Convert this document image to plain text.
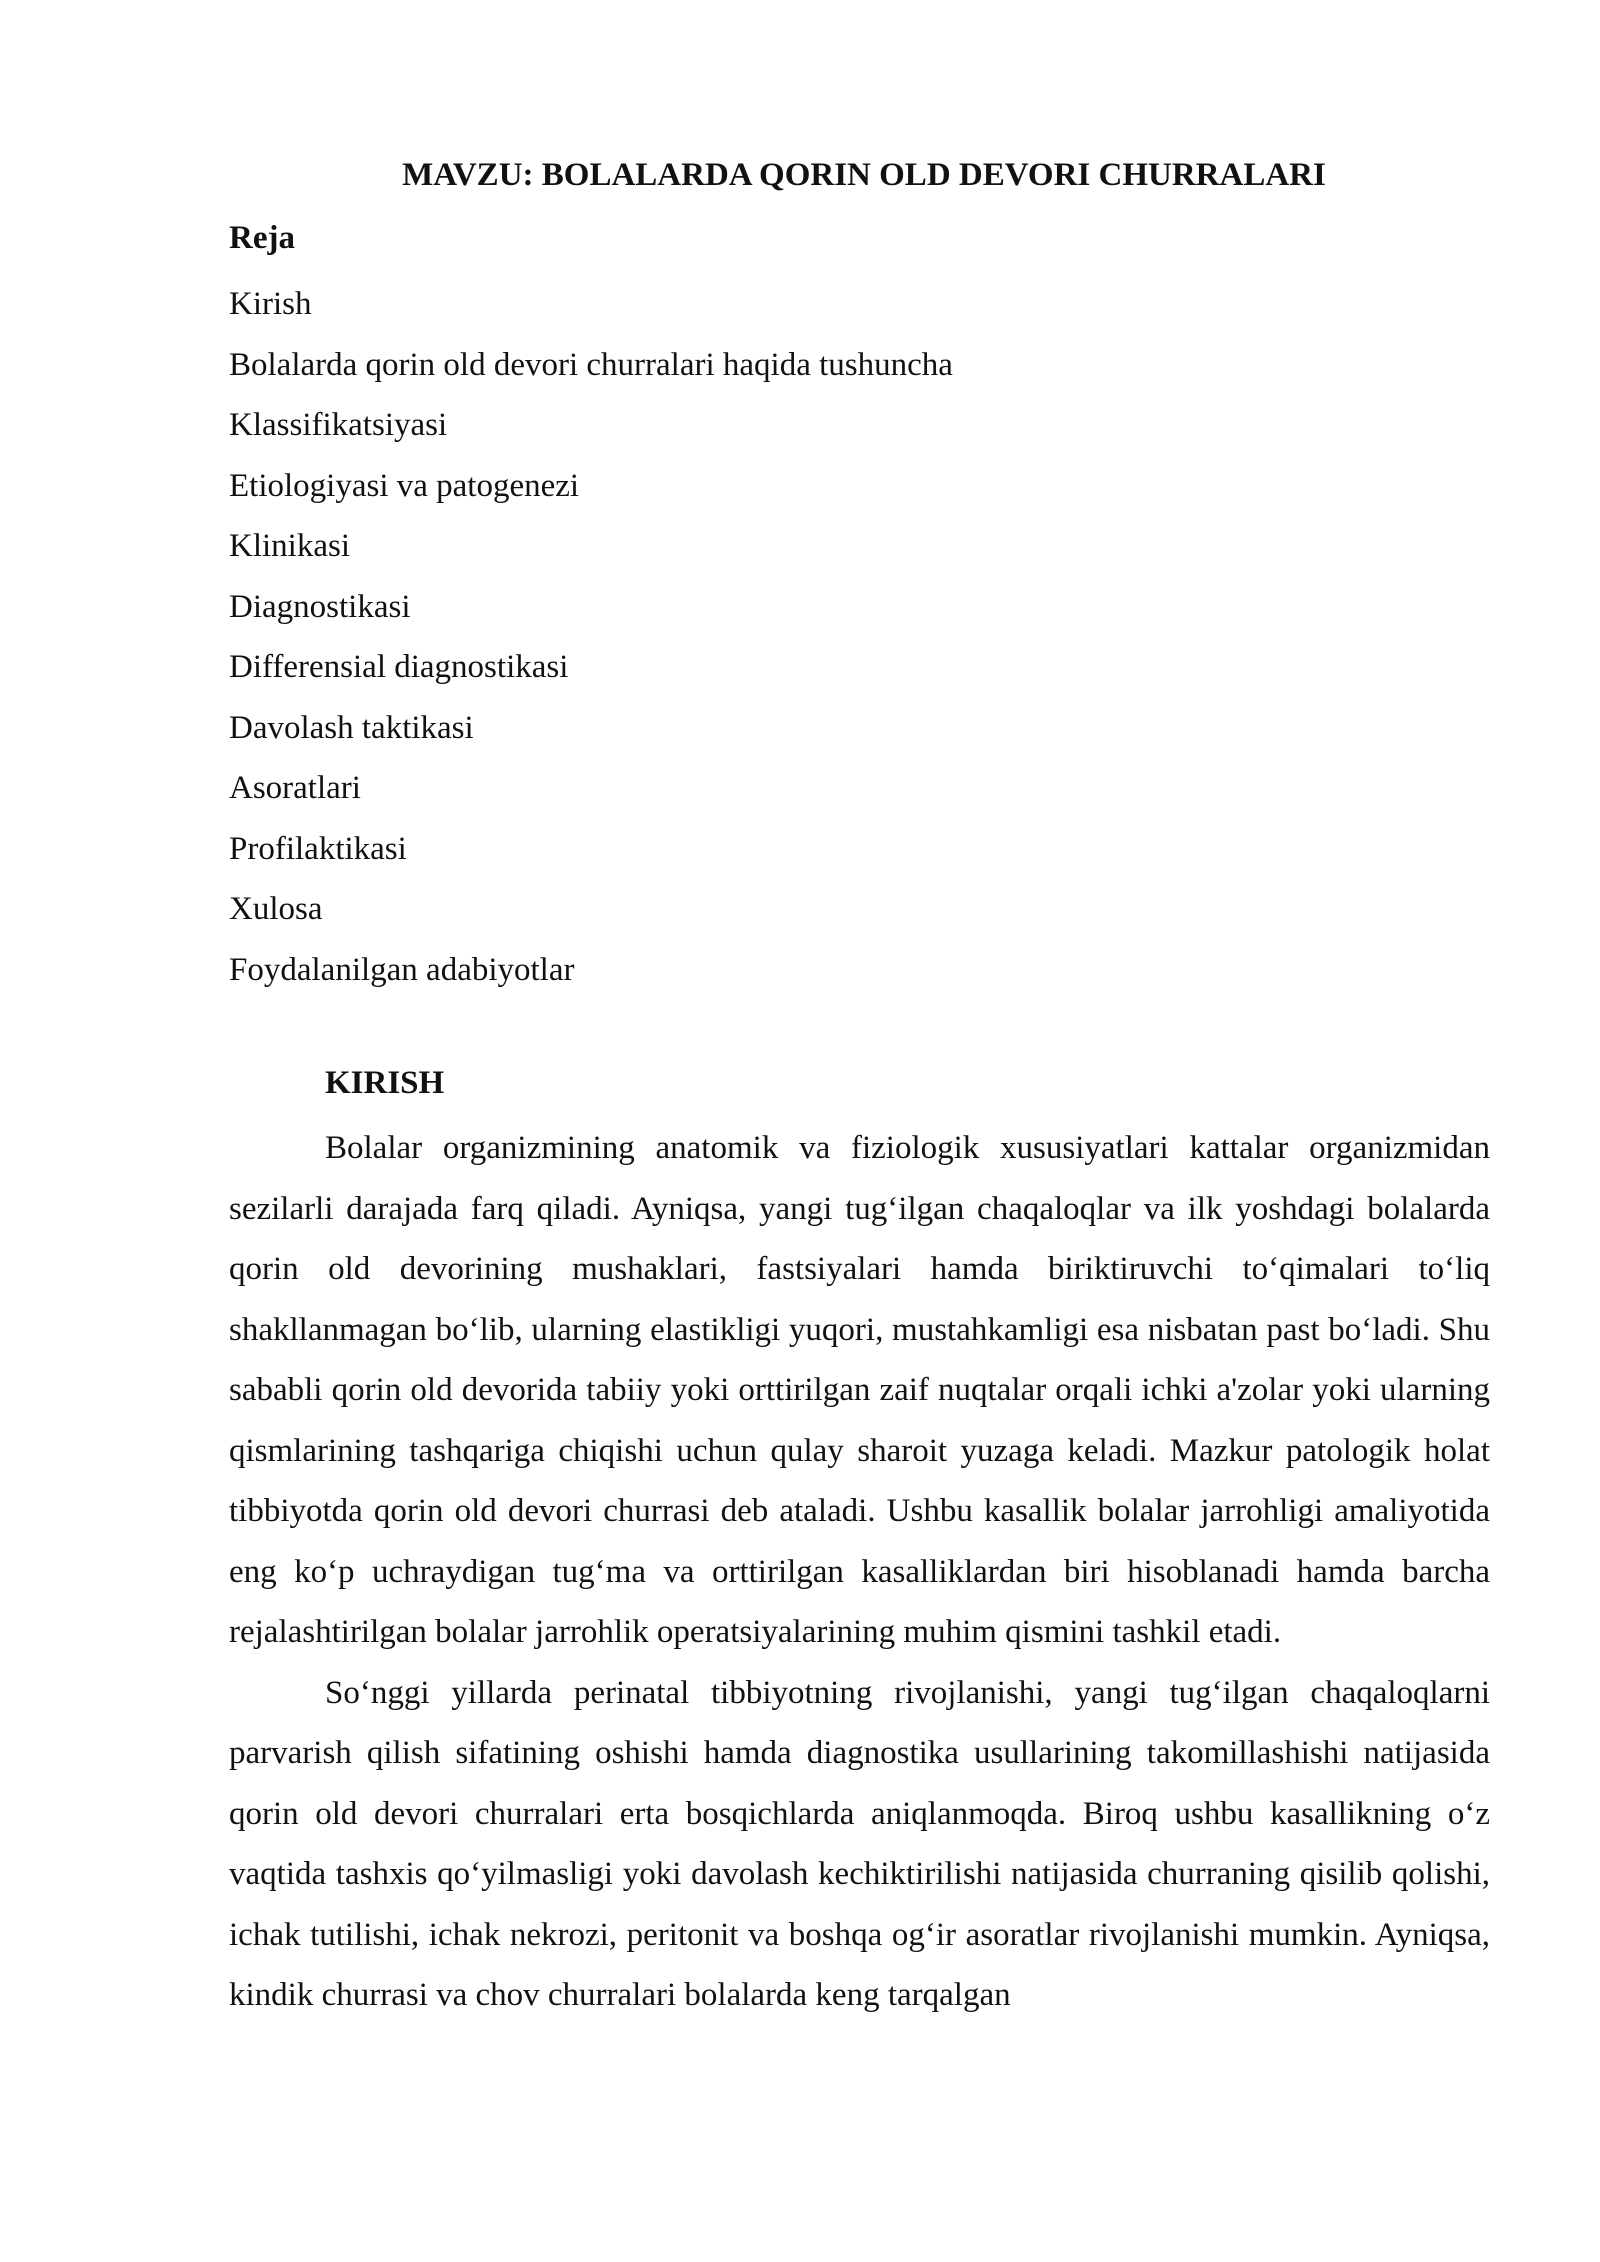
MAVZU: BOLALARDA QORIN OLD DEVORI CHURRALARI
Reja
Kirish
Bolalarda qorin old devori churralari haqida tushuncha
Klassifikatsiyasi
Etiologiyasi va patogenezi
Klinikasi
Diagnostikasi
Differensial diagnostikasi
Davolash taktikasi
Asoratlari
Profilaktikasi
Xulosa
Foydalanilgan adabiyotlar
KIRISH

Bolalar organizmining anatomik va fiziologik xususiyatlari kattalar organizmidan sezilarli darajada farq qiladi. Ayniqsa, yangi tug‘ilgan chaqaloqlar va ilk yoshdagi bolalarda qorin old devorining mushaklari, fastsiyalari hamda biriktiruvchi to‘qimalari to‘liq shakllanmagan bo‘lib, ularning elastikligi yuqori, mustahkamligi esa nisbatan past bo‘ladi. Shu sababli qorin old devorida tabiiy yoki orttirilgan zaif nuqtalar orqali ichki a'zolar yoki ularning qismlarining tashqariga chiqishi uchun qulay sharoit yuzaga keladi. Mazkur patologik holat tibbiyotda qorin old devori churrasi deb ataladi. Ushbu kasallik bolalar jarrohligi amaliyotida eng ko‘p uchraydigan tug‘ma va orttirilgan kasalliklardan biri hisoblanadi hamda barcha rejalashtirilgan bolalar jarrohlik operatsiyalarining muhim qismini tashkil etadi.

So‘nggi yillarda perinatal tibbiyotning rivojlanishi, yangi tug‘ilgan chaqaloqlarni parvarish qilish sifatining oshishi hamda diagnostika usullarining takomillashishi natijasida qorin old devori churralari erta bosqichlarda aniqlanmoqda. Biroq ushbu kasallikning o‘z vaqtida tashxis qo‘yilmasligi yoki davolash kechiktirilishi natijasida churraning qisilib qolishi, ichak tutilishi, ichak nekrozi, peritonit va boshqa og‘ir asoratlar rivojlanishi mumkin. Ayniqsa, kindik churrasi va chov churralari bolalarda keng tarqalgan
